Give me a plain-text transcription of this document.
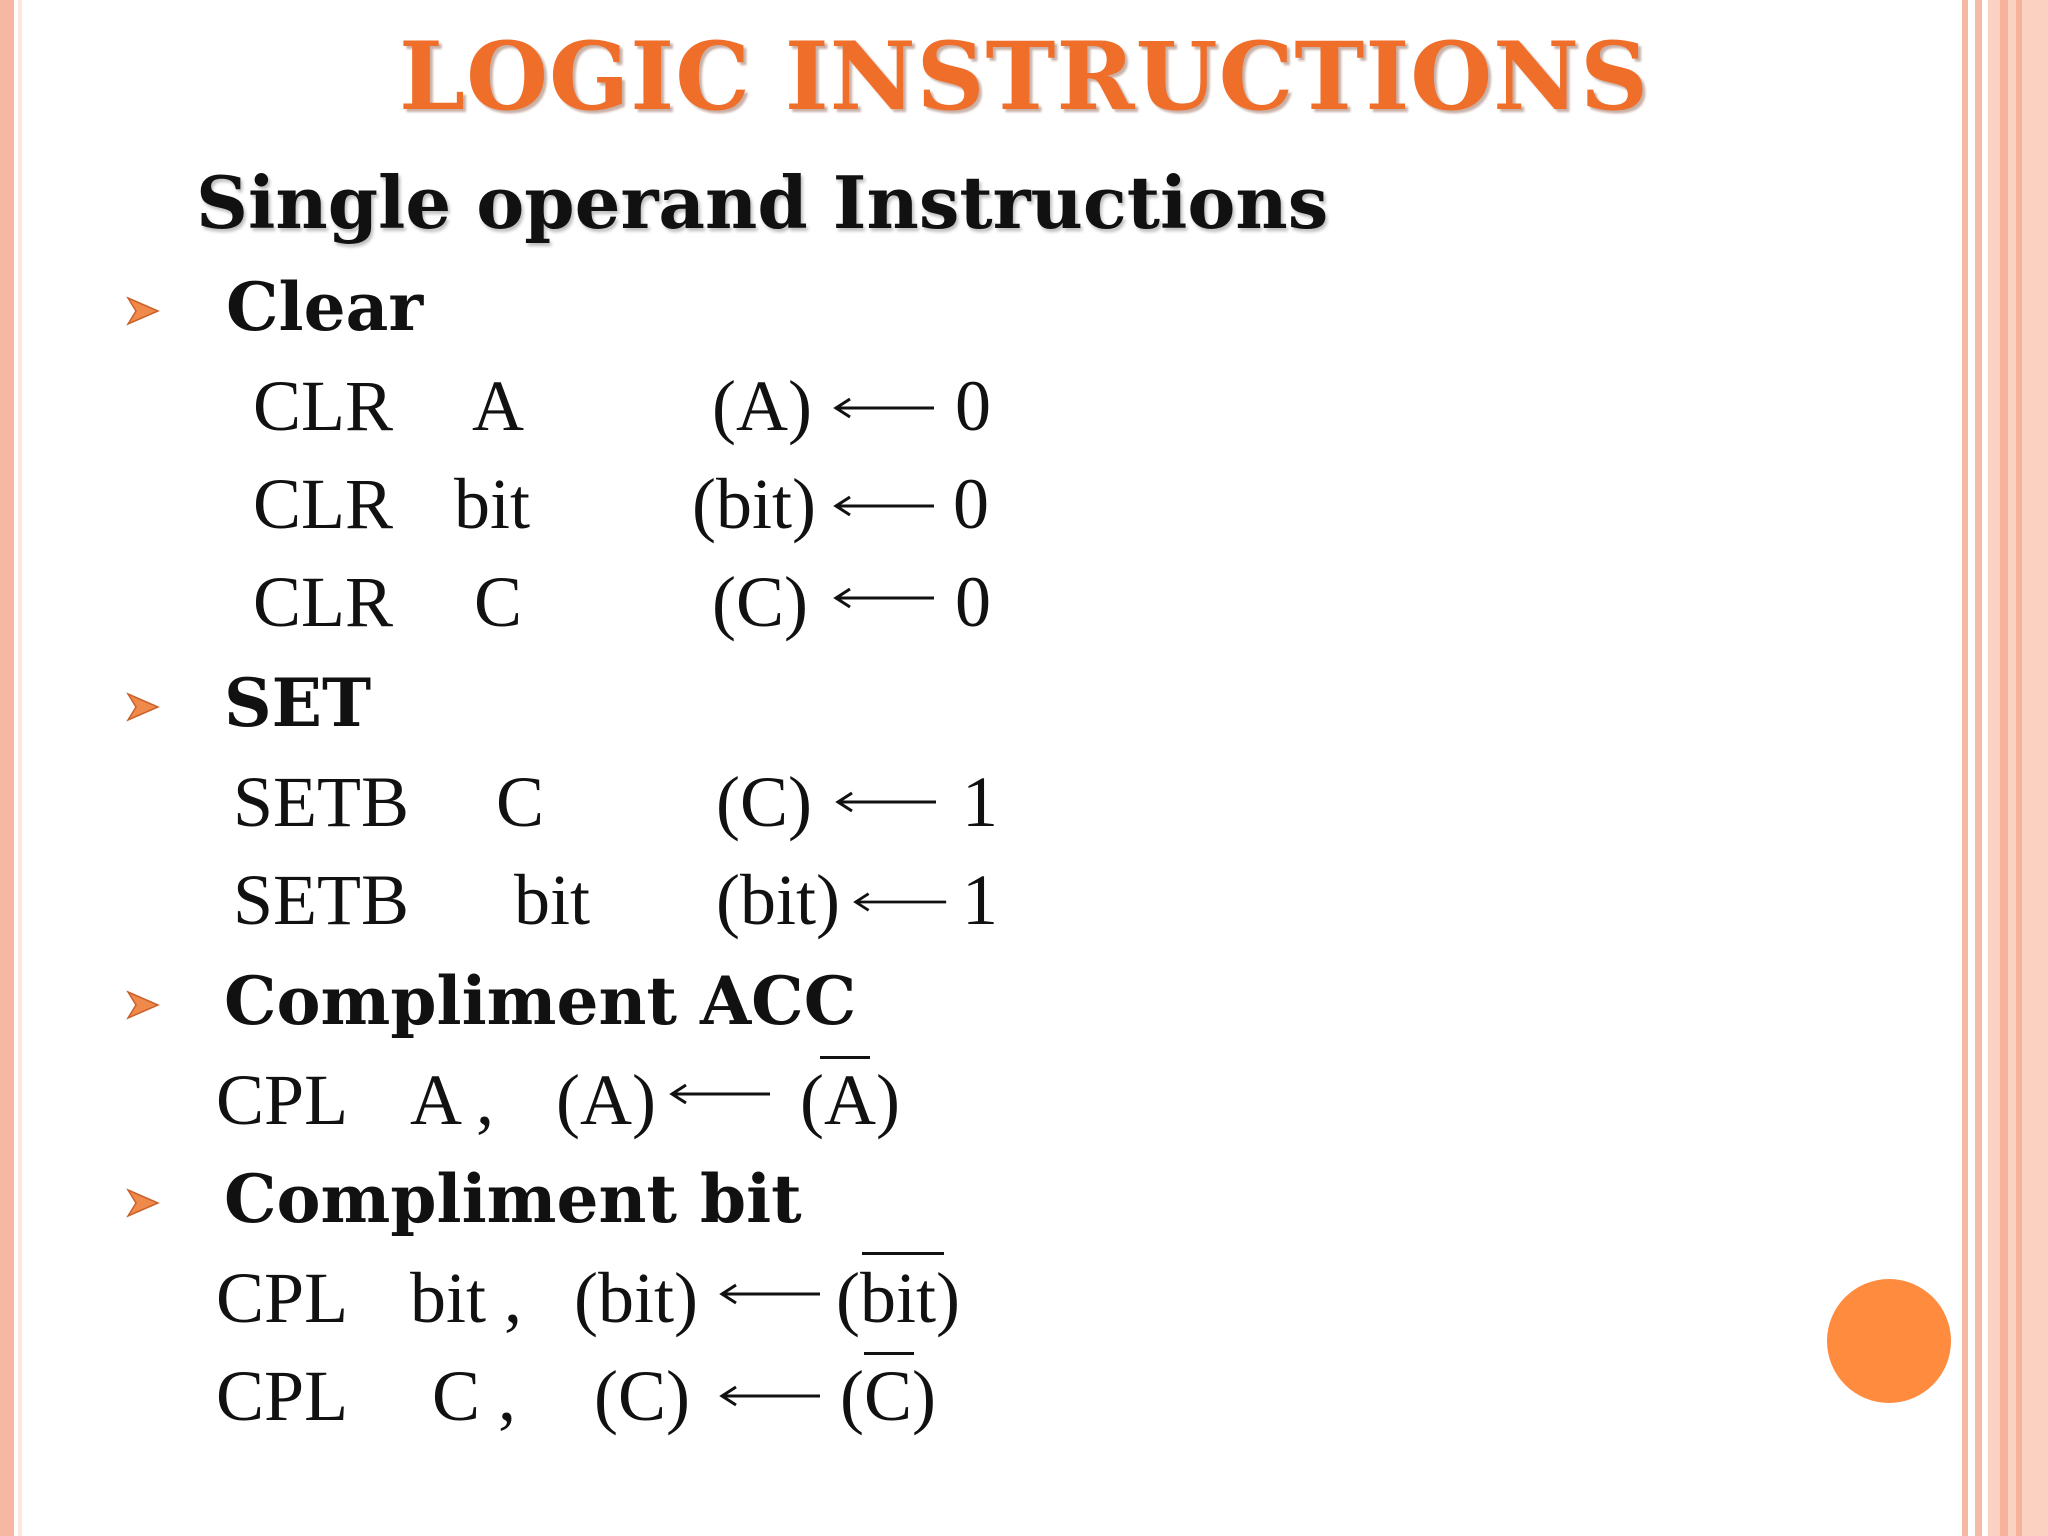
LOGIC INSTRUCTIONS
Single operand Instructions
Clear
CLR A	(A) 0
CLR bit (bit) 0
CLR C	(C) 0
SET
SETB C (C) 1
SETB bit (bit) 1
Compliment ACC
CPL A , (A) (A)
Compliment bit
CPL bit , (bit) (bit)
CPL C , (C) (C)
